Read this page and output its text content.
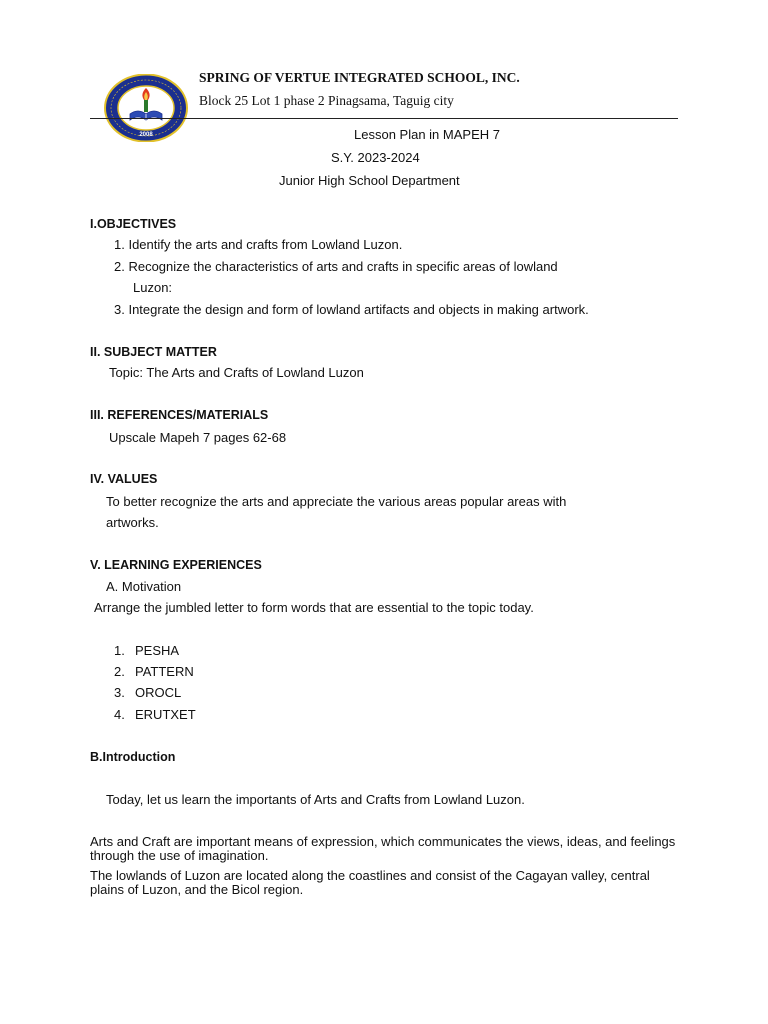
2008
SPRING OF VERTUE INTEGRATED SCHOOL, INC.
Block 25 Lot 1 phase 2 Pinagsama, Taguig city
Lesson Plan in MAPEH 7
S.Y. 2023-2024
Junior High School Department
I.OBJECTIVES
1. Identify the arts and crafts from Lowland Luzon.
2. Recognize the characteristics of arts and crafts in specific areas of lowland
Luzon:
3. Integrate the design and form of lowland artifacts and objects in making artwork.
II. SUBJECT MATTER
Topic: The Arts and Crafts of Lowland Luzon
III. REFERENCES/MATERIALS
Upscale Mapeh 7 pages 62-68
IV. VALUES
To better recognize the arts and appreciate the various areas popular areas with
artworks.
V. LEARNING EXPERIENCES
A. Motivation
Arrange the jumbled letter to form words that are essential to the topic today.
1. PESHA
2. PATTERN
3. OROCL
4. ERUTXET
B.Introduction
Today, let us learn the importants of Arts and Crafts from Lowland Luzon.
Arts and Craft are important means of expression, which communicates the views, ideas, and feelings through the use of imagination.
The lowlands of Luzon are located along the coastlines and consist of the Cagayan valley, central plains of Luzon, and the Bicol region.
